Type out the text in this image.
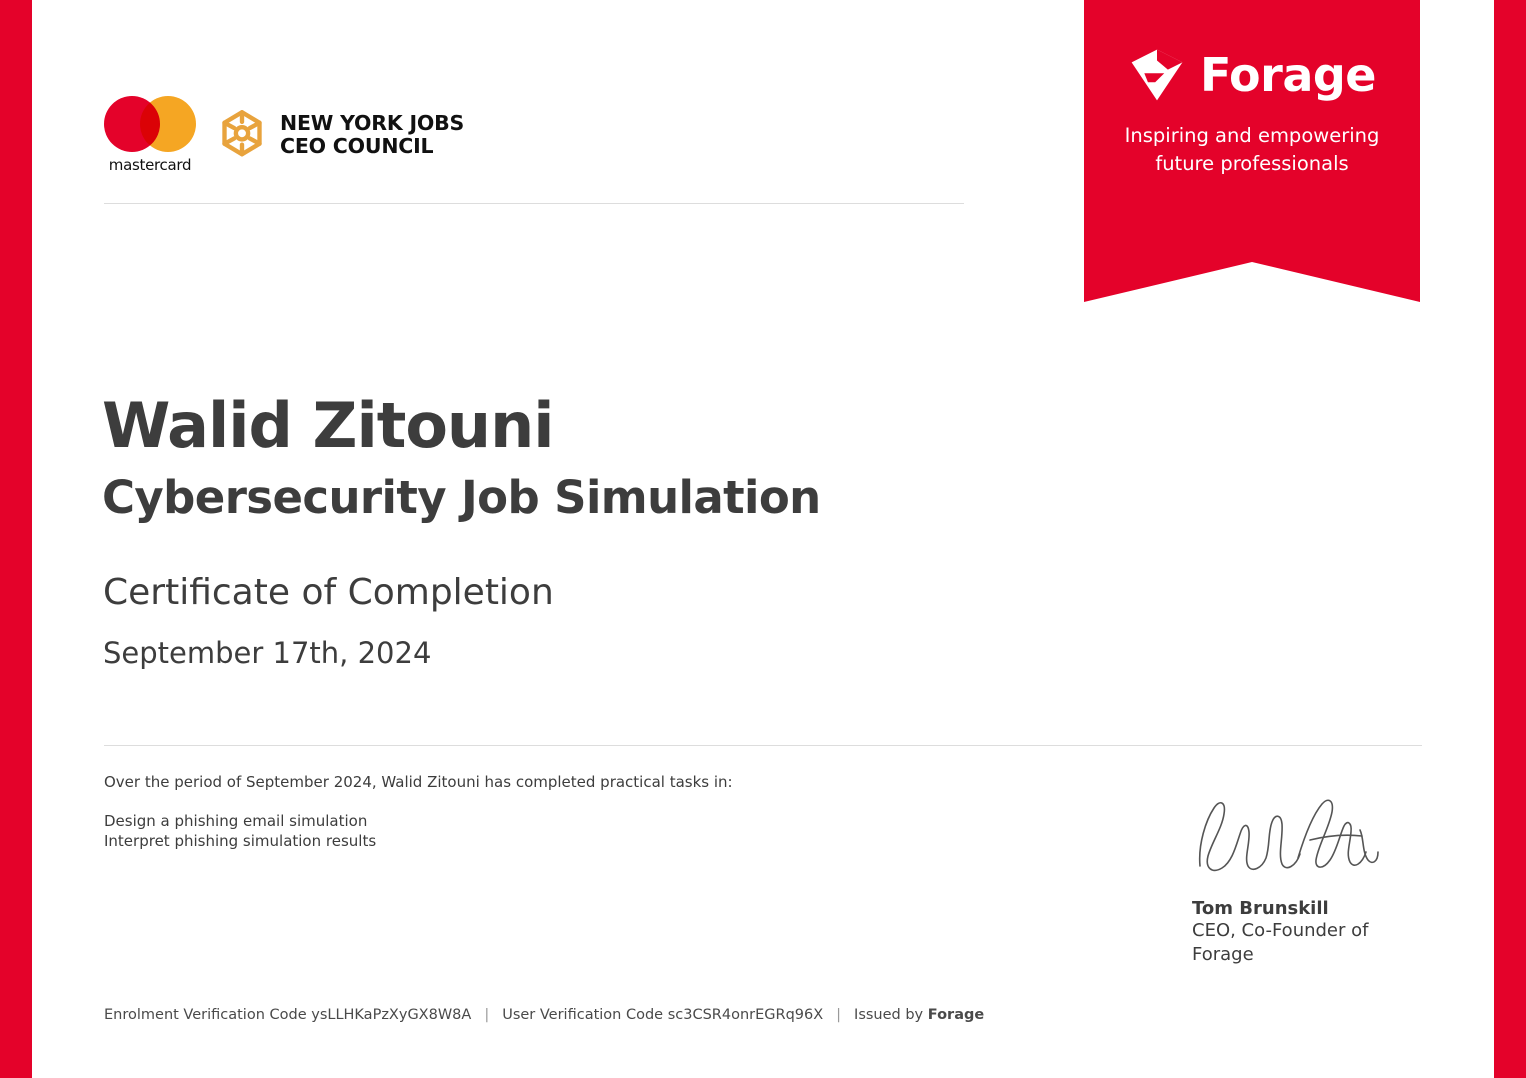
Forage
Inspiring and empowering
future professionals
mastercard
NEW YORK JOBS
CEO COUNCIL
Walid Zitouni
Cybersecurity Job Simulation
Certificate of Completion
September 17th, 2024
Over the period of September 2024, Walid Zitouni has completed practical tasks in:
Design a phishing email simulation
Interpret phishing simulation results
Tom Brunskill
CEO, Co-Founder of
Forage
Enrolment Verification Code
ysLLHKaPzXyGX8W8A | User Verification Code
sc3CSR4onrEGRq96X | Issued by
Forage
